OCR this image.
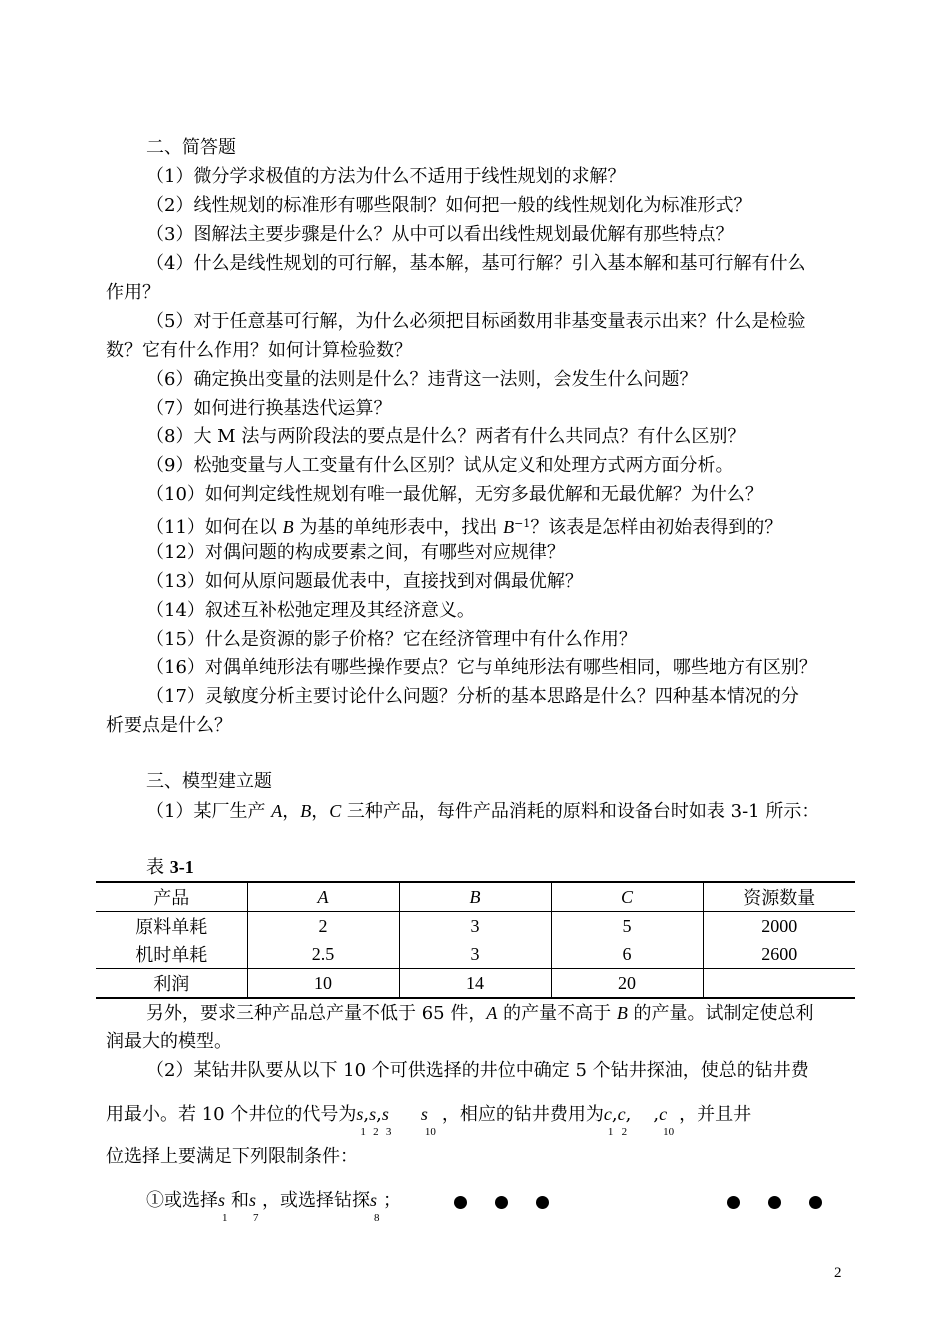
二、简答题
（1）微分学求极值的方法为什么不适用于线性规划的求解？
（2）线性规划的标准形有哪些限制？如何把一般的线性规划化为标准形式？
（3）图解法主要步骤是什么？从中可以看出线性规划最优解有那些特点？
（4）什么是线性规划的可行解，基本解，基可行解？引入基本解和基可行解有什么
作用？
（5）对于任意基可行解，为什么必须把目标函数用非基变量表示出来？什么是检验
数？它有什么作用？如何计算检验数？
（6）确定换出变量的法则是什么？违背这一法则，会发生什么问题？
（7）如何进行换基迭代运算？
（8）大 M 法与两阶段法的要点是什么？两者有什么共同点？有什么区别？
（9）松弛变量与人工变量有什么区别？试从定义和处理方式两方面分析。
（10）如何判定线性规划有唯一最优解，无穷多最优解和无最优解？为什么？
（11）如何在以 B 为基的单纯形表中，找出 $B^{-1}$？该表是怎样由初始表得到的？
（12）对偶问题的构成要素之间，有哪些对应规律？
（13）如何从原问题最优表中，直接找到对偶最优解？
（14）叙述互补松弛定理及其经济意义。
（15）什么是资源的影子价格？它在经济管理中有什么作用？
（16）对偶单纯形法有哪些操作要点？它与单纯形法有哪些相同，哪些地方有区别？
（17）灵敏度分析主要讨论什么问题？分析的基本思路是什么？四种基本情况的分
析要点是什么？
三、模型建立题
（1）某厂生产 A，B，C 三种产品，每件产品消耗的原料和设备台时如表 3-1 所示：
表 3-1
产品	A	B	C	资源数量
原料单耗	2	3	5	2000
机时单耗	2.5	3	6	2600
利润	10	14	20	
另外，要求三种产品总产量不低于 65 件，A 的产量不高于 B 的产量。试制定使总利
润最大的模型。
（2）某钻井队要从以下 10 个可供选择的井位中确定 5 个钻井探油，使总的钻井费
用最小。若 10 个井位的代号为s
1
,s
2
,s
3
s
10
，相应的钻井费用为c
1
,c
2
, ,c
10
，并且井
位选择上要满足下列限制条件：
①或选择s
1
和s
7
，或选择钻探s
8
；
2
